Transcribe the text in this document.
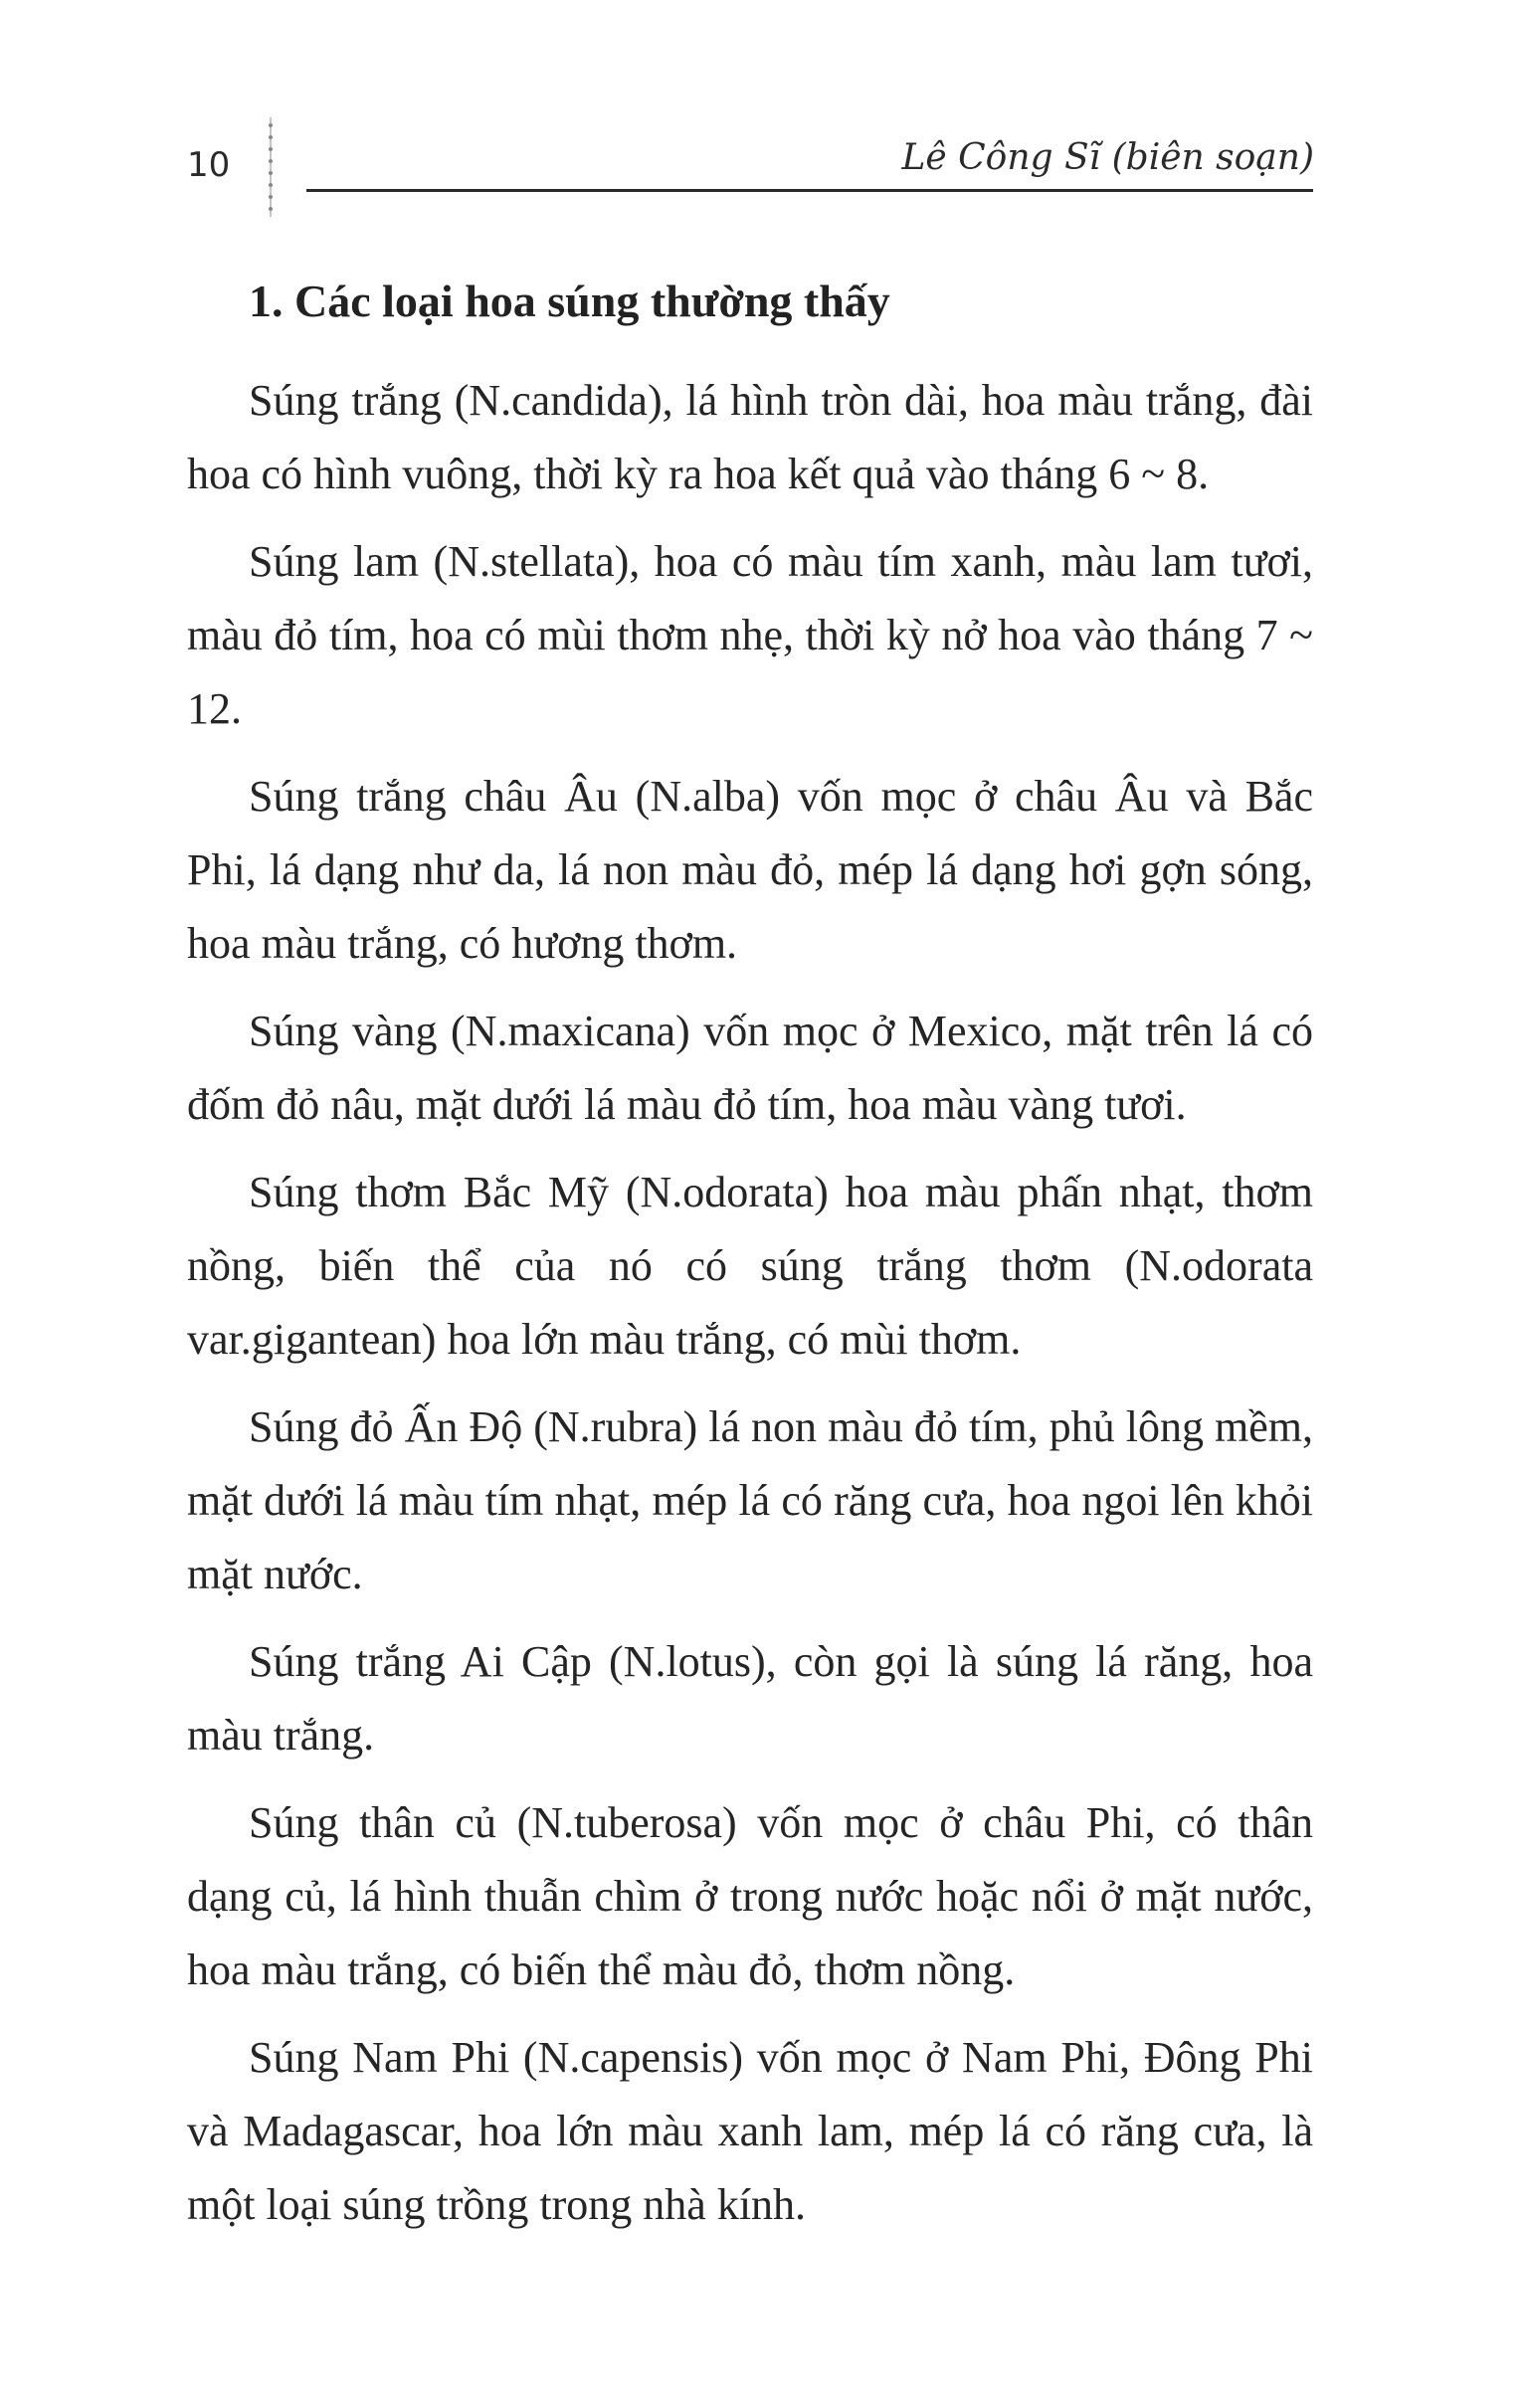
10	Lê Công Sĩ (biên soạn)
1. Các loại hoa súng thường thấy

Súng trắng (N.candida), lá hình tròn dài, hoa màu trắng, đài hoa có hình vuông, thời kỳ ra hoa kết quả vào tháng 6 ~ 8.

Súng lam (N.stellata), hoa có màu tím xanh, màu lam tươi, màu đỏ tím, hoa có mùi thơm nhẹ, thời kỳ nở hoa vào tháng 7 ~ 12.

Súng trắng châu Âu (N.alba) vốn mọc ở châu Âu và Bắc Phi, lá dạng như da, lá non màu đỏ, mép lá dạng hơi gợn sóng, hoa màu trắng, có hương thơm.

Súng vàng (N.maxicana) vốn mọc ở Mexico, mặt trên lá có đốm đỏ nâu, mặt dưới lá màu đỏ tím, hoa màu vàng tươi.

Súng thơm Bắc Mỹ (N.odorata) hoa màu phấn nhạt, thơm nồng, biến thể của nó có súng trắng thơm (N.odorata var.gigantean) hoa lớn màu trắng, có mùi thơm.

Súng đỏ Ấn Độ (N.rubra) lá non màu đỏ tím, phủ lông mềm, mặt dưới lá màu tím nhạt, mép lá có răng cưa, hoa ngoi lên khỏi mặt nước.

Súng trắng Ai Cập (N.lotus), còn gọi là súng lá răng, hoa màu trắng.

Súng thân củ (N.tuberosa) vốn mọc ở châu Phi, có thân dạng củ, lá hình thuẫn chìm ở trong nước hoặc nổi ở mặt nước, hoa màu trắng, có biến thể màu đỏ, thơm nồng.

Súng Nam Phi (N.capensis) vốn mọc ở Nam Phi, Đông Phi và Madagascar, hoa lớn màu xanh lam, mép lá có răng cưa, là một loại súng trồng trong nhà kính.
